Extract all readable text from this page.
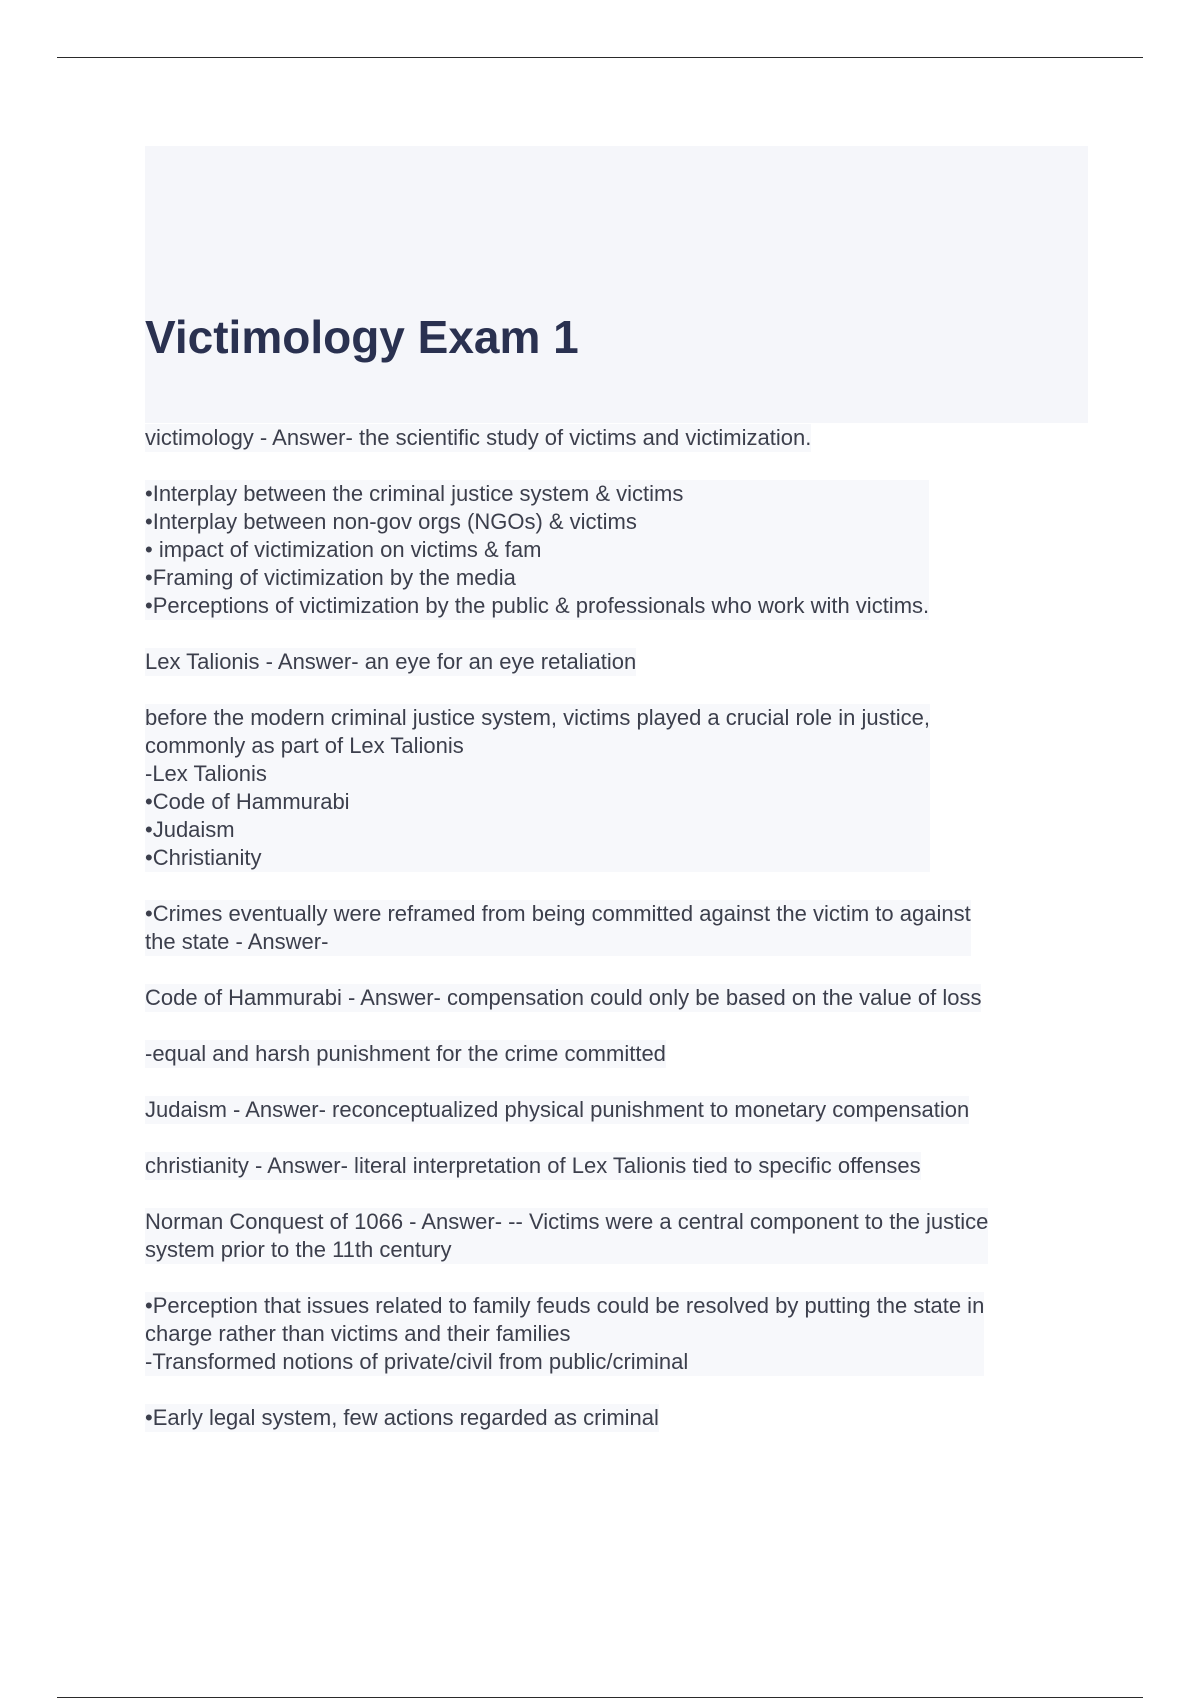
Victimology Exam 1
victimology - Answer- the scientific study of victims and victimization.
•Interplay between the criminal justice system & victims
•Interplay between non-gov orgs (NGOs) & victims
• impact of victimization on victims & fam
•Framing of victimization by the media
•Perceptions of victimization by the public & professionals who work with victims.
Lex Talionis - Answer- an eye for an eye retaliation
before the modern criminal justice system, victims played a crucial role in justice,
commonly as part of Lex Talionis
-Lex Talionis
•Code of Hammurabi
•Judaism
•Christianity
•Crimes eventually were reframed from being committed against the victim to against
the state - Answer-
Code of Hammurabi - Answer- compensation could only be based on the value of loss
-equal and harsh punishment for the crime committed
Judaism - Answer- reconceptualized physical punishment to monetary compensation
christianity - Answer- literal interpretation of Lex Talionis tied to specific offenses
Norman Conquest of 1066 - Answer- -- Victims were a central component to the justice
system prior to the 11th century
•Perception that issues related to family feuds could be resolved by putting the state in
charge rather than victims and their families
-Transformed notions of private/civil from public/criminal
•Early legal system, few actions regarded as criminal
